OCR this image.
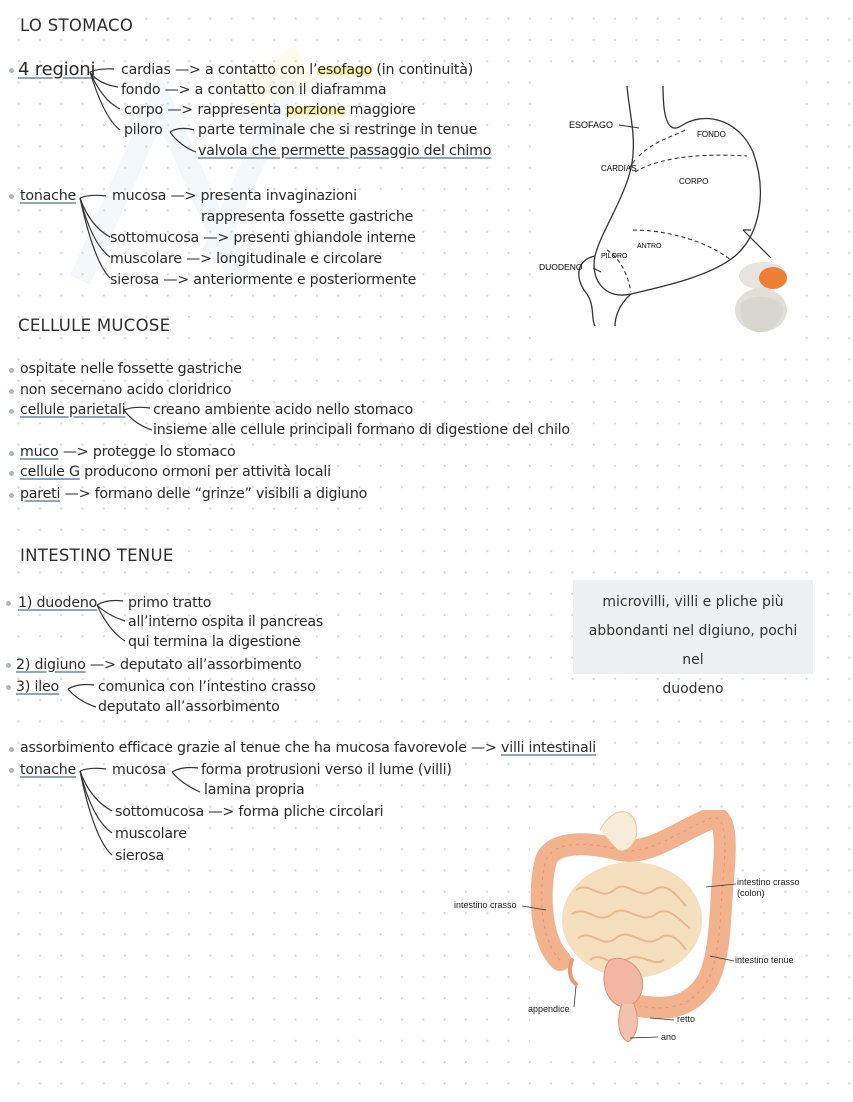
LO STOMACO
4 regioni cardias —> a contatto con l’esofago (in continuità)
fondo —> a contatto con il diaframma
corpo —> rappresenta porzione maggiore
piloro parte terminale che si restringe in tenue
valvola che permette passaggio del chimo
tonache	mucosa —> presenta invaginazioni
rappresenta fossette gastriche
sottomucosa —> presenti ghiandole interne
muscolare —> longitudinale e circolare
sierosa —> anteriormente e posteriormente
ESOFAGO
FONDO
CARDIAS
CORPO
ANTRO
PILORO
DUODENO
CELLULE MUCOSE
ospitate nelle fossette gastriche
non secernano acido cloridrico
cellule parietali creano ambiente acido nello stomaco
insieme alle cellule principali formano di digestione del chilo
muco —> protegge lo stomaco
cellule G producono ormoni per attività locali
pareti —> formano delle “grinze” visibili a digiuno
INTESTINO TENUE
1) duodeno primo tratto
all’interno ospita il pancreas
qui termina la digestione
2) digiuno —> deputato all’assorbimento
3) ileo	comunica con l’intestino crasso
deputato all’assorbimento
microvilli, villi e pliche più
abbondanti nel digiuno, pochi nel
duodeno
assorbimento efficace grazie al tenue che ha mucosa favorevole —> villi intestinali
tonache	mucosa forma protrusioni verso il lume (villi)
lamina propria
sottomucosa —> forma pliche circolari
muscolare
sierosa
intestino crasso
(colon)
intestino crasso
intestino tenue
appendice
retto
ano
